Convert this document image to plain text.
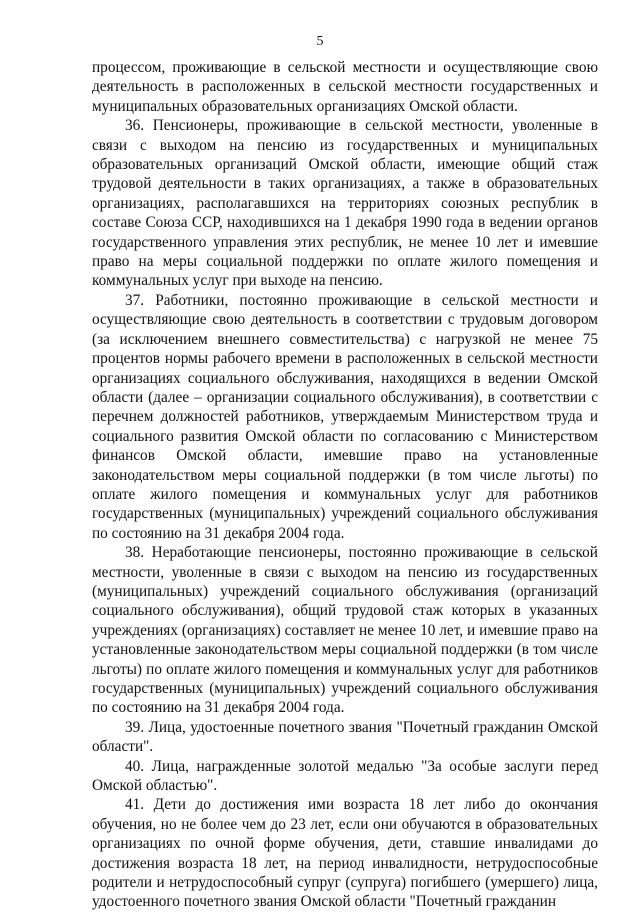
5

процессом, проживающие в сельской местности и осуществляющие свою деятельность в расположенных в сельской местности государственных и муниципальных образовательных организациях Омской области.

36. Пенсионеры, проживающие в сельской местности, уволенные в связи с выходом на пенсию из государственных и муниципальных образовательных организаций Омской области, имеющие общий стаж трудовой деятельности в таких организациях, а также в образовательных организациях, располагавшихся на территориях союзных республик в составе Союза ССР, находившихся на 1 декабря 1990 года в ведении органов государственного управления этих республик, не менее 10 лет и имевшие право на меры социальной поддержки по оплате жилого помещения и коммунальных услуг при выходе на пенсию.

37. Работники, постоянно проживающие в сельской местности и осуществляющие свою деятельность в соответствии с трудовым договором (за исключением внешнего совместительства) с нагрузкой не менее 75 процентов нормы рабочего времени в расположенных в сельской местности организациях социального обслуживания, находящихся в ведении Омской области (далее – организации социального обслуживания), в соответствии с перечнем должностей работников, утверждаемым Министерством труда и социального развития Омской области по согласованию с Министерством финансов Омской области, имевшие право на установленные законодательством меры социальной поддержки (в том числе льготы) по оплате жилого помещения и коммунальных услуг для работников государственных (муниципальных) учреждений социального обслуживания по состоянию на 31 декабря 2004 года.

38. Неработающие пенсионеры, постоянно проживающие в сельской местности, уволенные в связи с выходом на пенсию из государственных (муниципальных) учреждений социального обслуживания (организаций социального обслуживания), общий трудовой стаж которых в указанных учреждениях (организациях) составляет не менее 10 лет, и имевшие право на установленные законодательством меры социальной поддержки (в том числе льготы) по оплате жилого помещения и коммунальных услуг для работников государственных (муниципальных) учреждений социального обслуживания по состоянию на 31 декабря 2004 года.

39. Лица, удостоенные почетного звания "Почетный гражданин Омской области".

40. Лица, награжденные золотой медалью "За особые заслуги перед Омской областью".

41. Дети до достижения ими возраста 18 лет либо до окончания обучения, но не более чем до 23 лет, если они обучаются в образовательных организациях по очной форме обучения, дети, ставшие инвалидами до достижения возраста 18 лет, на период инвалидности, нетрудоспособные родители и нетрудоспособный супруг (супруга) погибшего (умершего) лица, удостоенного почетного звания Омской области "Почетный гражданин
